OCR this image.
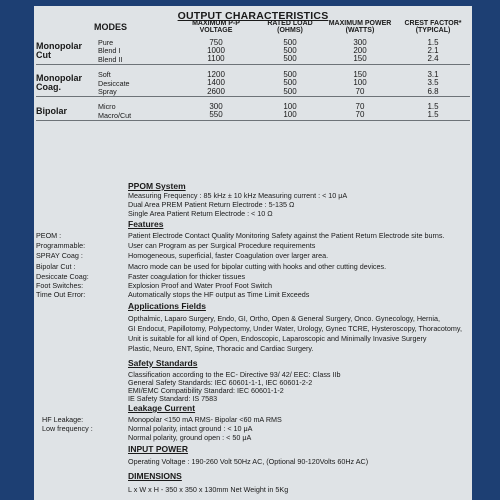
OUTPUT CHARACTERISTICS
MODES		MAXIMUM P-P VOLTAGE	RATED LOAD (OHMS)	MAXIMUM POWER (WATTS)	CREST FACTOR* (TYPICAL)

Monopolar Cut	Pure	750	500	300	1.5
	Blend I	1000	500	200	2.1
	Blend II	1100	500	150	2.4

Monopolar Coag.	Soft	1200	500	150	3.1
	Desiccate	1400	500	100	3.5
	Spray	2600	500	70	6.8

Bipolar	Micro	300	100	70	1.5
	Macro/Cut	550	100	70	1.5

PPOM System
Measuring Frequency : 85 kHz ± 10 kHz Measuring current : < 10 μA
Dual Area PREM Patient Return Electrode : 5-135 Ω
Single Area Patient Return Electrode : < 10 Ω
Features
PEOM :	Patient Electrode Contact Quality Monitoring Safety against the Patient Return Electrode site burns.
Programmable:	User can Program as per Surgical Procedure requirements
SPRAY Coag :	Homogeneous, superficial, faster Coagulation over larger area.
Bipolar Cut :	Macro mode can be used for bipolar cutting with hooks and other cutting devices.
Desiccate Coag:	Faster coagulation for thicker tissues
Foot Switches:	Explosion Proof and Water Proof Foot Switch
Time Out Error:	Automatically stops the HF output as Time Limit Exceeds
Applications Fields
Opthalmic, Laparo Surgery, Endo, GI, Ortho, Open & General Surgery, Onco. Gynecology, Hernia,
GI Endocut, Papillotomy, Polypectomy, Under Water, Urology, Gynec TCRE, Hysteroscopy, Thoracotomy,
Unit is suitable for all kind of Open, Endoscopic, Laparoscopic and Minimally Invasive Surgery
Plastic, Neuro, ENT, Spine, Thoracic and Cardiac Surgery.
Safety Standards
Classification according to the EC- Directive 93/ 42/ EEC: Class IIb
General Safety Standards: IEC 60601-1-1, IEC 60601-2-2
EMI/EMC Compatibility Standard: IEC 60601-1-2
IE Safety Standard: IS 7583
Leakage Current
HF Leakage:	Monopolar <150 mA RMS- Bipolar <60 mA RMS
Low frequency :	Normal polarity, intact ground : < 10 μA
Normal polarity, ground open : < 50 μA
INPUT POWER
Operating Voltage : 190-260 Volt 50Hz AC, (Optional 90-120Volts 60Hz AC)
DIMENSIONS
L x W x H - 350 x 350 x 130mm Net Weight in 5Kg
